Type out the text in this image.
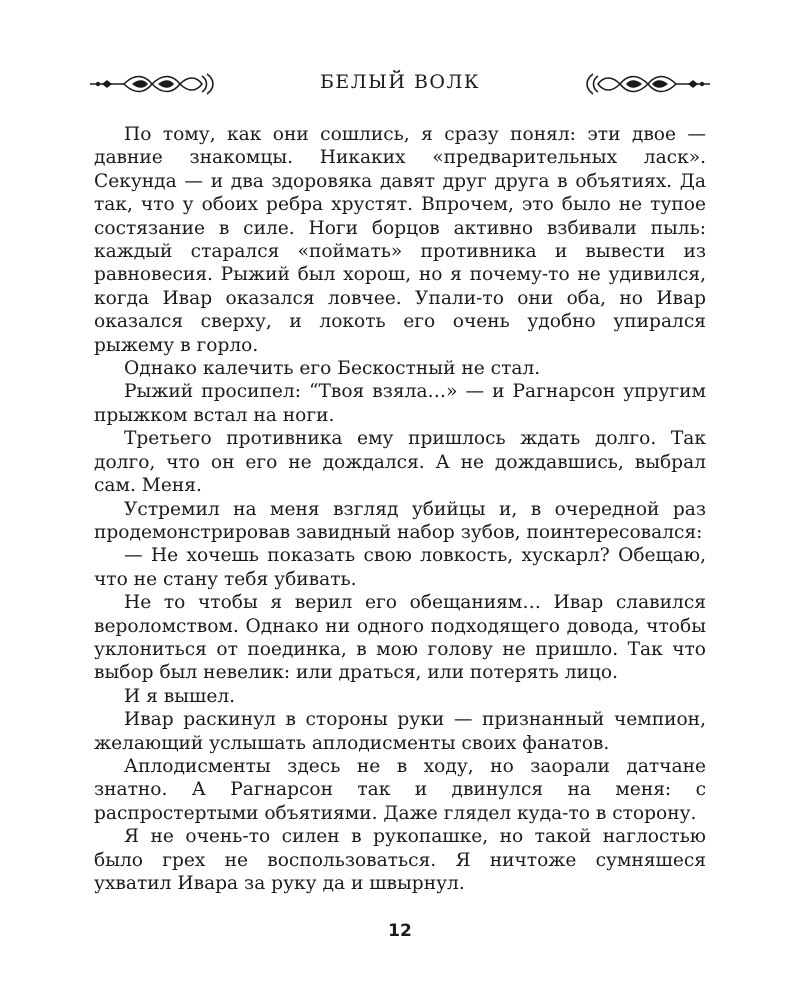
БЕЛЫЙ ВОЛК

По тому, как они сошлись, я сразу понял: эти двое — давние знакомцы. Никаких «предварительных ласк». Секунда — и два здоровяка давят друг друга в объятиях. Да так, что у обоих ребра хрустят. Впрочем, это было не тупое состязание в силе. Ноги борцов активно взбивали пыль: каждый старался «поймать» противника и вывести из равновесия. Рыжий был хорош, но я почему-то не удивился, когда Ивар оказался ловчее. Упали-то они оба, но Ивар оказался сверху, и локоть его очень удобно упирался рыжему в горло.

Однако калечить его Бескостный не стал.

Рыжий просипел: “Твоя взяла…» — и Рагнарсон упругим прыжком встал на ноги.

Третьего противника ему пришлось ждать долго. Так долго, что он его не дождался. А не дождавшись, выбрал сам. Меня.

Устремил на меня взгляд убийцы и, в очередной раз продемонстрировав завидный набор зубов, поинтересовался:

— Не хочешь показать свою ловкость, хускарл? Обещаю, что не стану тебя убивать.

Не то чтобы я верил его обещаниям… Ивар славился вероломством. Однако ни одного подходящего довода, чтобы уклониться от поединка, в мою голову не пришло. Так что выбор был невелик: или драться, или потерять лицо.

И я вышел.

Ивар раскинул в стороны руки — признанный чемпион, желающий услышать аплодисменты своих фанатов.

Аплодисменты здесь не в ходу, но заорали датчане знатно. А Рагнарсон так и двинулся на меня: с распростертыми объятиями. Даже глядел куда-то в сторону.

Я не очень-то силен в рукопашке, но такой наглостью было грех не воспользоваться. Я ничтоже сумняшеся ухватил Ивара за руку да и швырнул.

12
